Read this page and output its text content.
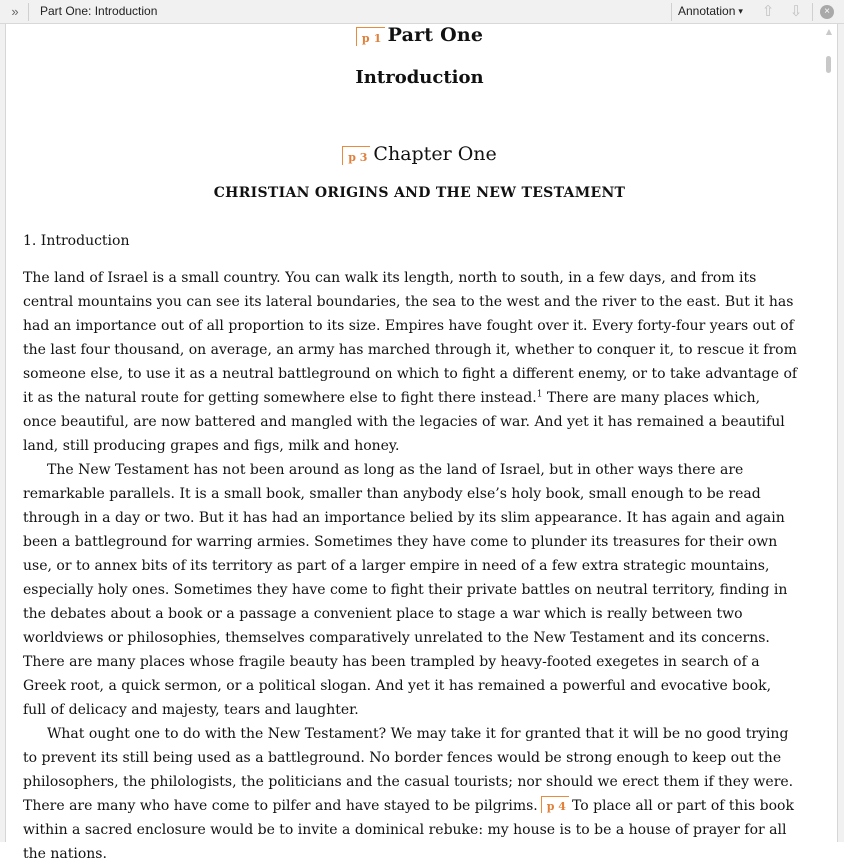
»	Part One: Introduction	Annotation ▾ ⇧ ⇩	×
▲
p 1 Part One
Introduction
p 3 Chapter One
CHRISTIAN ORIGINS AND THE NEW TESTAMENT
1. Introduction

The land of Israel is a small country. You can walk its length, north to south, in a few days, and from its central mountains you can see its lateral boundaries, the sea to the west and the river to the east. But it has had an importance out of all proportion to its size. Empires have fought over it. Every forty-four years out of the last four thousand, on average, an army has marched through it, whether to conquer it, to rescue it from someone else, to use it as a neutral battleground on which to fight a different enemy, or to take advantage of it as the natural route for getting somewhere else to fight there instead.$^1$ There are many places which, once beautiful, are now battered and mangled with the legacies of war. And yet it has remained a beautiful land, still producing grapes and figs, milk and honey.

The New Testament has not been around as long as the land of Israel, but in other ways there are remarkable parallels. It is a small book, smaller than anybody else’s holy book, small enough to be read through in a day or two. But it has had an importance belied by its slim appearance. It has again and again been a battleground for warring armies. Sometimes they have come to plunder its treasures for their own use, or to annex bits of its territory as part of a larger empire in need of a few extra strategic mountains, especially holy ones. Sometimes they have come to fight their private battles on neutral territory, finding in the debates about a book or a passage a convenient place to stage a war which is really between two worldviews or philosophies, themselves comparatively unrelated to the New Testament and its concerns. There are many places whose fragile beauty has been trampled by heavy-footed exegetes in search of a Greek root, a quick sermon, or a political slogan. And yet it has remained a powerful and evocative book, full of delicacy and majesty, tears and laughter.

What ought one to do with the New Testament? We may take it for granted that it will be no good trying to prevent its still being used as a battleground. No border fences would be strong enough to keep out the philosophers, the philologists, the politicians and the casual tourists; nor should we erect them if they were. There are many who have come to pilfer and have stayed to be pilgrims. p 4 To place all or part of this book within a sacred enclosure would be to invite a dominical rebuke: my house is to be a house of prayer for all the nations.
